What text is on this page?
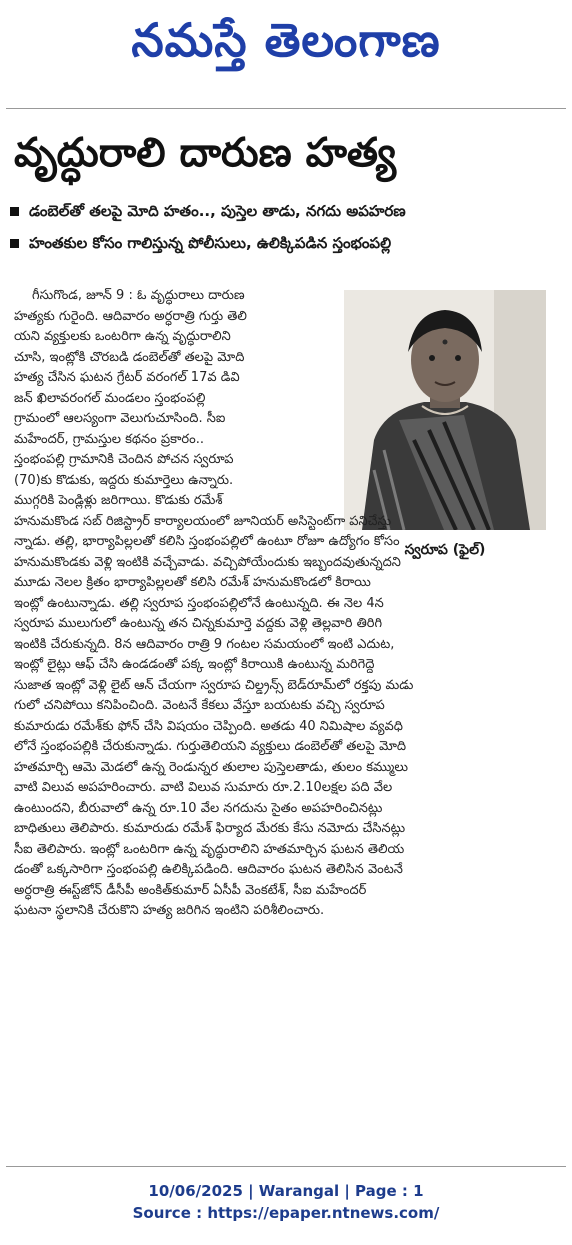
నమస్తే తెలంగాణ
వృద్ధురాలి దారుణ హత్య
డంబెల్‌తో తలపై మోది హతం.., పుస్తెల తాడు, నగదు అపహరణ
హంతకుల కోసం గాలిస్తున్న పోలీసులు, ఉలిక్కిపడిన స్తంభంపల్లి
స్వరూప (ఫైల్)
గీసుగొండ, జూన్ 9 : ఓ వృద్ధురాలు దారుణ
హత్యకు గురైంది. ఆదివారం అర్ధరాత్రి గుర్తు తెలి
యని వ్యక్తులకు ఒంటరిగా ఉన్న వృద్ధురాలిని
చూసి, ఇంట్లోకి చొరబడి డంబెల్‌తో తలపై మోది
హత్య చేసిన ఘటన గ్రేటర్ వరంగల్ 17వ డివి
జన్ ఖిలావరంగల్ మండలం స్తంభంపల్లి
గ్రామంలో ఆలస్యంగా వెలుగుచూసింది. సీఐ
మహేందర్, గ్రామస్తుల కథనం ప్రకారం..
స్తంభంపల్లి గ్రామానికి చెందిన పోచన స్వరూప
(70)కు కొడుకు, ఇద్దరు కుమార్తెలు ఉన్నారు.
ముగ్గరికి పెండ్లిళ్లు జరిగాయి. కొడుకు రమేశ్
హనుమకొండ సబ్ రిజిస్ట్రార్ కార్యాలయంలో జూనియర్ అసిస్టెంట్‌గా పనిచేస్తు
న్నాడు. తల్లి, భార్యాపిల్లలతో కలిసి స్తంభంపల్లిలో ఉంటూ రోజూ ఉద్యోగం కోసం
హనుమకొండకు వెళ్లి ఇంటికి వచ్చేవాడు. వచ్చిపోయేందుకు ఇబ్బందవుతున్నదని
మూడు నెలల క్రితం భార్యాపిల్లలతో కలిసి రమేశ్ హనుమకొండలో కిరాయి
ఇంట్లో ఉంటున్నాడు. తల్లి స్వరూప స్తంభంపల్లిలోనే ఉంటున్నది. ఈ నెల 4న
స్వరూప ములుగులో ఉంటున్న తన చిన్నకుమార్తె వద్దకు వెళ్లి తెల్లవారి తిరిగి
ఇంటికి చేరుకున్నది. 8న ఆదివారం రాత్రి 9 గంటల సమయంలో ఇంటి ఎదుట,
ఇంట్లో లైట్లు ఆఫ్ చేసి ఉండడంతో పక్క ఇంట్లో కిరాయికి ఉంటున్న మరిగెద్దె
సుజాత ఇంట్లో వెళ్లి లైట్ ఆన్ చేయగా స్వరూప చిల్డ్రన్స్ బెడ్‌రూమ్‌లో రక్తపు మడు
గులో చనిపోయి కనిపించింది. వెంటనే కేకలు వేస్తూ బయటకు వచ్చి స్వరూప
కుమారుడు రమేశ్‌కు ఫోన్ చేసి విషయం చెప్పింది. అతడు 40 నిమిషాల వ్యవధి
లోనే స్తంభంపల్లికి చేరుకున్నాడు. గుర్తుతెలియని వ్యక్తులు డంబెల్‌తో తలపై మోది
హతమార్చి ఆమె మెడలో ఉన్న రెండున్నర తులాల పుస్తెలతాడు, తులం కమ్ములు
వాటి విలువ అపహరించారు. వాటి విలువ సుమారు రూ.2.10లక్షల పది వేల
ఉంటుందని, బీరువాలో ఉన్న రూ.10 వేల నగదును సైతం అపహరించినట్లు
బాధితులు తెలిపారు. కుమారుడు రమేశ్ ఫిర్యాద మేరకు కేసు నమోదు చేసినట్లు
సీఐ తెలిపారు. ఇంట్లో ఒంటరిగా ఉన్న వృద్ధురాలిని హతమార్చిన ఘటన తెలియ
డంతో ఒక్కసారిగా స్తంభంపల్లి ఉలిక్కిపడింది. ఆదివారం ఘటన తెలిసిన వెంటనే
అర్ధరాత్రి ఈస్ట్‌జోన్ డీసీపీ అంకిత్‌కుమార్ ఏసీపీ వెంకటేశ్, సీఐ మహేందర్
ఘటనా స్థలానికి చేరుకొని హత్య జరిగిన ఇంటిని పరిశీలించారు.
10/06/2025 | Warangal | Page : 1
Source : https://epaper.ntnews.com/
